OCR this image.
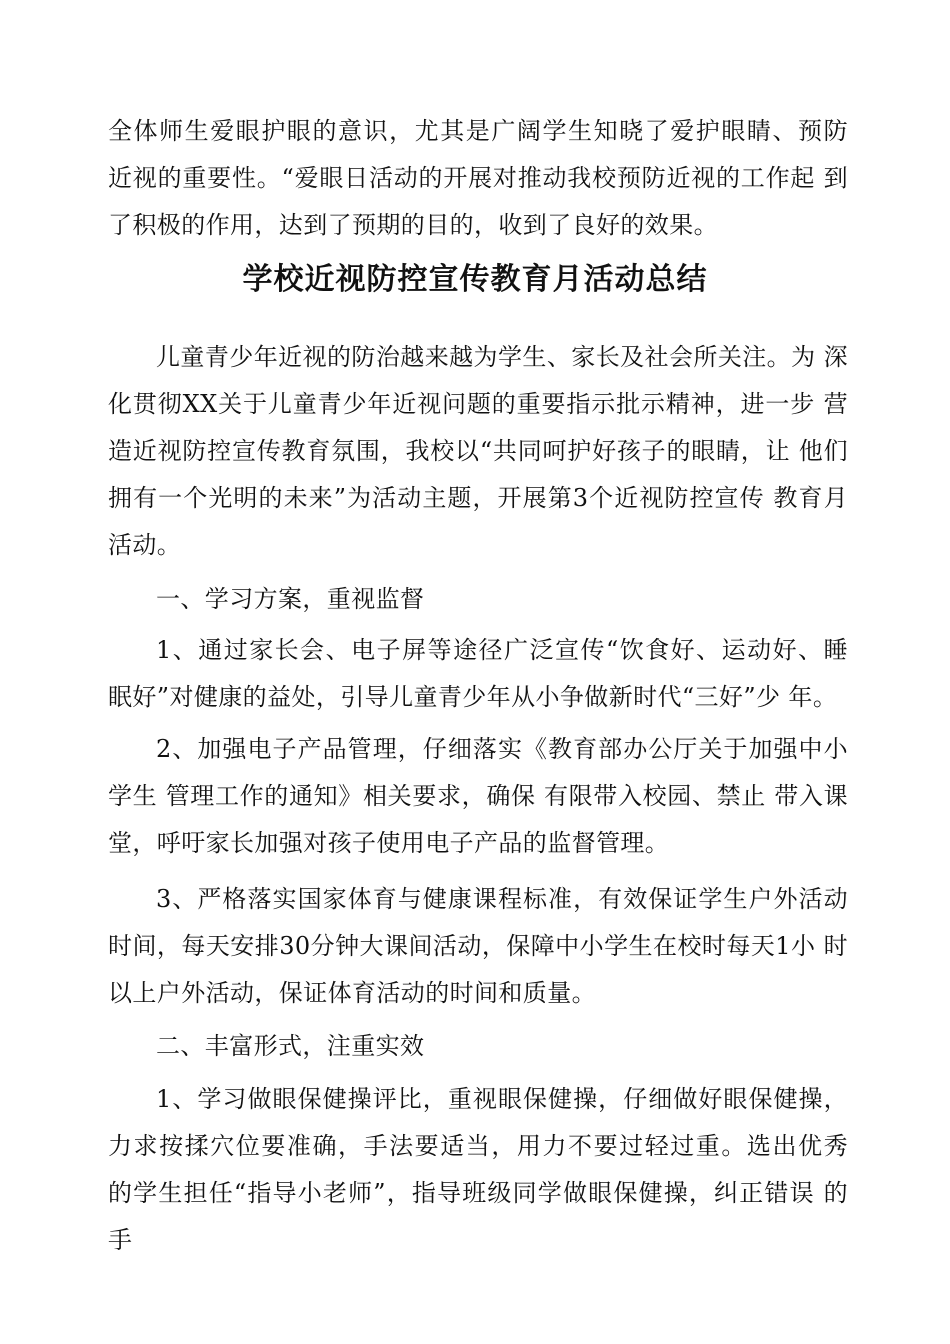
全体师生爱眼护眼的意识，尤其是广阔学生知晓了爱护眼睛、预防 近视的重要性。“爱眼日活动的开展对推动我校预防近视的工作起 到了积极的作用，达到了预期的目的，收到了良好的效果。

学校近视防控宣传教育月活动总结

儿童青少年近视的防治越来越为学生、家长及社会所关注。为 深化贯彻XX关于儿童青少年近视问题的重要指示批示精神，进一步 营造近视防控宣传教育氛围，我校以“共同呵护好孩子的眼睛，让 他们拥有一个光明的未来”为活动主题，开展第3个近视防控宣传 教育月活动。

一、学习方案，重视监督

1、通过家长会、电子屏等途径广泛宣传“饮食好、运动好、睡 眠好”对健康的益处，引导儿童青少年从小争做新时代“三好”少 年。

2、加强电子产品管理，仔细落实《教育部办公厅关于加强中小 学生 管理工作的通知》相关要求，确保 有限带入校园、禁止 带入课堂，呼吁家长加强对孩子使用电子产品的监督管理。

3、严格落实国家体育与健康课程标准，有效保证学生户外活动 时间，每天安排30分钟大课间活动，保障中小学生在校时每天1小 时以上户外活动，保证体育活动的时间和质量。

二、丰富形式，注重实效

1、学习做眼保健操评比，重视眼保健操，仔细做好眼保健操， 力求按揉穴位要准确，手法要适当，用力不要过轻过重。选出优秀 的学生担任“指导小老师”，指导班级同学做眼保健操，纠正错误 的手
